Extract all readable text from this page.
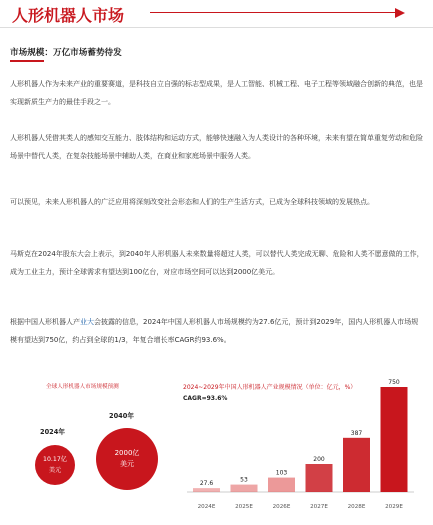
人形机器人市场
市场规模：万亿市场蓄势待发

人形机器人作为未来产业的重要赛道，是科技自立自强的标志型成果，是人工智能、机械工程、电子工程等领域融合创新的典范，也是实现新质生产力的最佳手段之一。

人形机器人凭借其类人的感知交互能力、肢体结构和运动方式，能够快速融入为人类设计的各种环境，未来有望在简单重复劳动和危险场景中替代人类，在复杂技能场景中辅助人类，在商业和家庭场景中服务人类。

可以预见，未来人形机器人的广泛应用将深刻改变社会形态和人们的生产生活方式，已成为全球科技领域的发展热点。

马斯克在2024年股东大会上表示，到2040年人形机器人未来数量将超过人类，可以替代人类完成无聊、危险和人类不愿意做的工作，成为工业主力，预计全球需求有望达到100亿台，对应市场空间可以达到2000亿美元。

根据中国人形机器人产业大会披露的信息，2024年中国人形机器人市场规模约为27.6亿元，预计到2029年，国内人形机器人市场规模有望达到750亿，约占到全球的1/3，年复合增长率CAGR约93.6%。

全球人形机器人市场规模预测
2024年
10.17亿
美元
2040年
2000亿
美元
2024~2029年中国人形机器人产业规模情况（单位：亿元，%）
CAGR=93.6%
27.6
2024E
53
2025E
103
2026E
200
2027E
387
2028E
750
2029E
